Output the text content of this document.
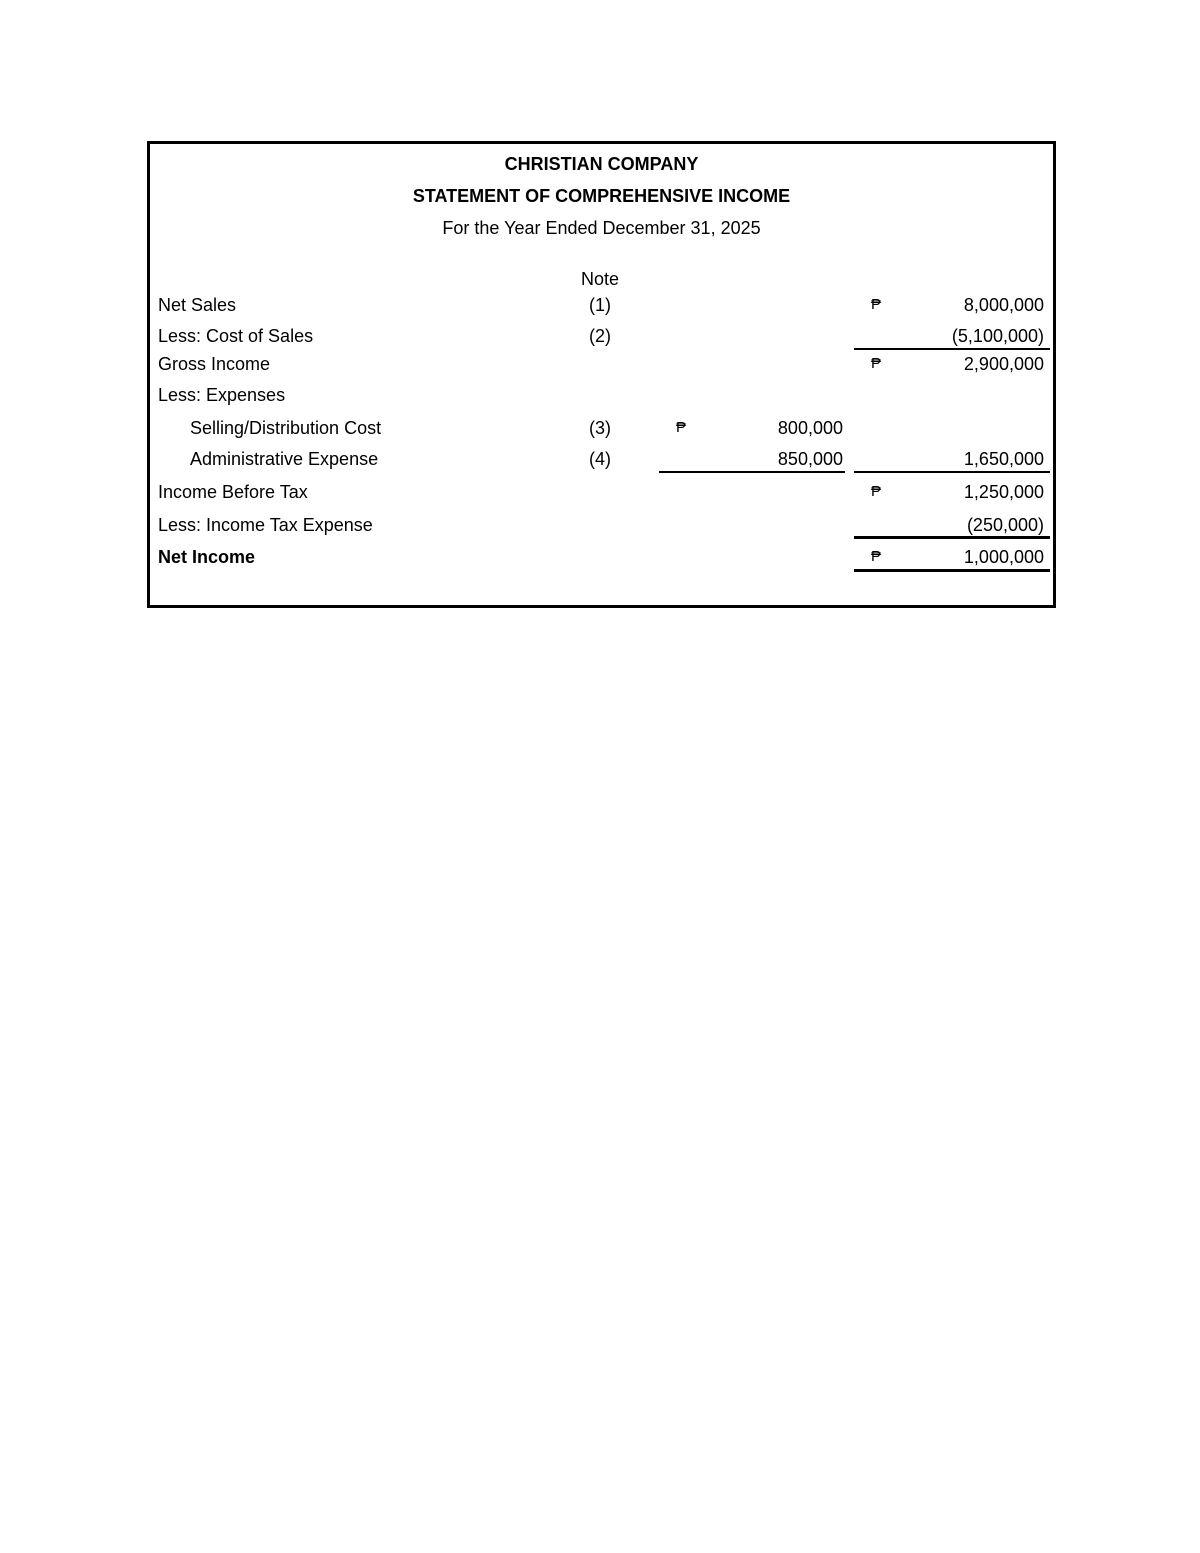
CHRISTIAN COMPANY
STATEMENT OF COMPREHENSIVE INCOME
For the Year Ended December 31, 2025
Note
Net Sales	(1)	₱	8,000,000
Less: Cost of Sales	(2)	(5,100,000)
Gross Income	₱	2,900,000
Less: Expenses
Selling/Distribution Cost	(3)	₱	800,000
Administrative Expense	(4)	850,000	1,650,000
Income Before Tax	₱	1,250,000
Less: Income Tax Expense	(250,000)
Net Income	₱	1,000,000
